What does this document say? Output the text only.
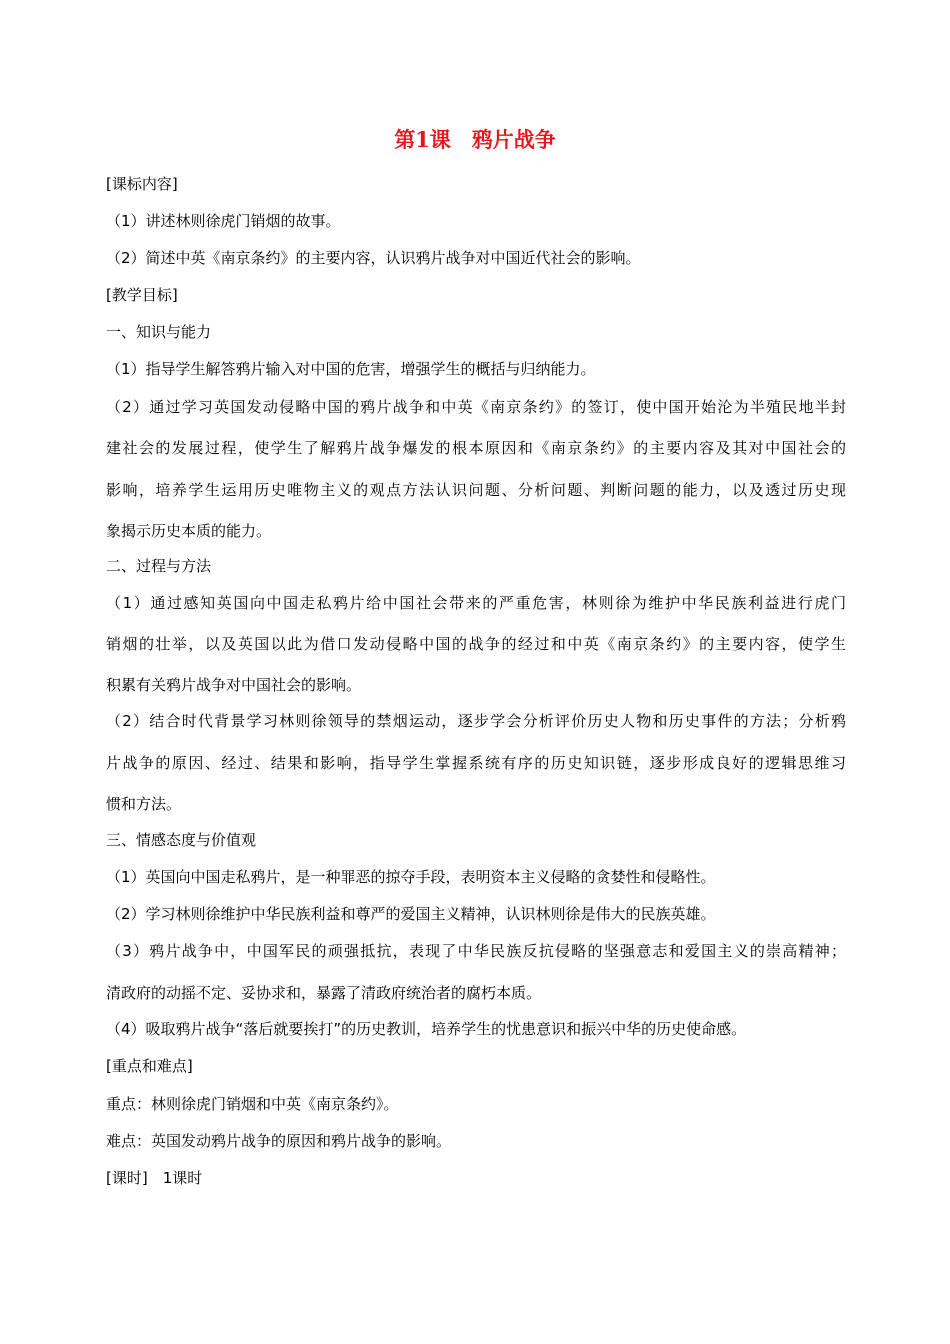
第1课　鸦片战争
[课标内容]
（1）讲述林则徐虎门销烟的故事。
（2）简述中英《南京条约》的主要内容，认识鸦片战争对中国近代社会的影响。
[教学目标]
一、知识与能力
（1）指导学生解答鸦片输入对中国的危害，增强学生的概括与归纳能力。
（2）通过学习英国发动侵略中国的鸦片战争和中英《南京条约》的签订，使中国开始沦为半殖民地半封
建社会的发展过程，使学生了解鸦片战争爆发的根本原因和《南京条约》的主要内容及其对中国社会的
影响，培养学生运用历史唯物主义的观点方法认识问题、分析问题、判断问题的能力，以及透过历史现
象揭示历史本质的能力。
二、过程与方法
（1）通过感知英国向中国走私鸦片给中国社会带来的严重危害，林则徐为维护中华民族利益进行虎门
销烟的壮举，以及英国以此为借口发动侵略中国的战争的经过和中英《南京条约》的主要内容，使学生
积累有关鸦片战争对中国社会的影响。
（2）结合时代背景学习林则徐领导的禁烟运动，逐步学会分析评价历史人物和历史事件的方法；分析鸦
片战争的原因、经过、结果和影响，指导学生掌握系统有序的历史知识链，逐步形成良好的逻辑思维习
惯和方法。
三、情感态度与价值观
（1）英国向中国走私鸦片，是一种罪恶的掠夺手段，表明资本主义侵略的贪婪性和侵略性。
（2）学习林则徐维护中华民族利益和尊严的爱国主义精神，认识林则徐是伟大的民族英雄。
（3）鸦片战争中，中国军民的顽强抵抗，表现了中华民族反抗侵略的坚强意志和爱国主义的崇高精神；
清政府的动摇不定、妥协求和，暴露了清政府统治者的腐朽本质。
（4）吸取鸦片战争“落后就要挨打”的历史教训，培养学生的忧患意识和振兴中华的历史使命感。
[重点和难点]
重点：林则徐虎门销烟和中英《南京条约》。
难点：英国发动鸦片战争的原因和鸦片战争的影响。
[课时]　1课时
